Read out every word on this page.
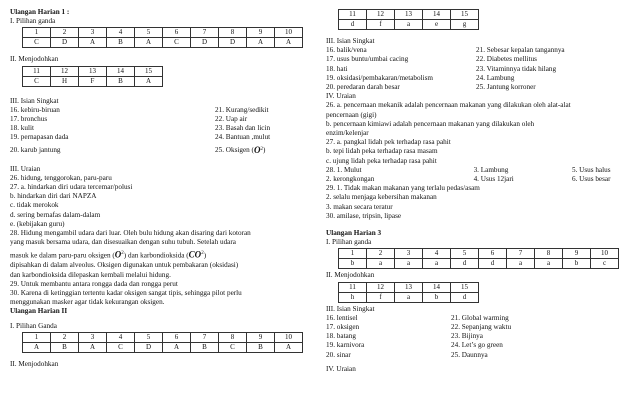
Ulangan Harian 1 :
I. Pilihan ganda
1	2	3	4	5	6	7	8	9	10
C	D	A	B	A	C	D	D	A	A
II. Menjodohkan
11	12	13	14	15
C	H	F	B	A
III. Isian Singkat
16. kebiru-biruan	21. Kurang/sedikit
17. bronchus	22. Uap air
18. kulit	23. Basah dan licin
19. pernapasan dada	24. Bantuan ,mulut
20. karub jantung	25. Oksigen ( O 2 )
III. Uraian
26. hidung, tenggorokan, paru-paru
27. a. hindarkan diri udara tercemar/polusi
b. hindarkan diri dari NAPZA
c. tidak merokok
d. sering bernafas dalam-dalam
e. (kebijakan guru)
28. Hidung mengambil udara dari luar. Oleh bulu hidung akan disaring dari kotoran
yang masuk bersama udara, dan disesuaikan dengan suhu tubuh. Setelah udara
masuk ke dalam paru-paru oksigen $(O^2)$ dan karbondioksida $(CO^2)$
dipisahkan di dalam alveolus. Oksigen digunakan untuk pembakaran (oksidasi)
dan karbondioksida dilepaskan kembali melalui hidung.
29. Untuk membantu antara rongga dada dan rongga perut
30. Karena di ketinggian tertentu kadar oksigen sangat tipis, sehingga pilot perlu
menggunakan masker agar tidak kekurangan oksigen.
Ulangan Harian II
I. Pilihan Ganda
1	2	3	4	5	6	7	8	9	10
A	B	A	C	D	A	B	C	B	A
II. Menjodohkan
11	12	13	14	15
d	f	a	e	g
III. Isian Singkat
16. balik/vena	21. Sebesar kepalan tangannya
17. usus buntu/umbai cacing	22. Diabetes mellitus
18. hati	23. Vitaminnya tidak hilang
19. oksidasi/pembakaran/metabolism	24. Lambung
20. peredaran darah besar	25. Jantung korroner
IV. Uraian
26. a. pencernaan mekanik adalah pencernaan makanan yang dilakukan oleh alat-alat
pencernaan (gigi)
b. pencernaan kimiawi adalah pencernaan makanan yang dilakukan oleh
enzim/kelenjar
27. a. pangkal lidah pek terhadap rasa pahit
b. tepi lidah peka terhadap rasa masam
c. ujung lidah peka terhadap rasa pahit
28. 1. Mulut	3. Lambung	5. Usus halus
2. kerongkongan	4. Usus 12jari	6. Usus besar
29. 1. Tidak makan makanan yang terlalu pedas/asam
2. selalu menjaga kebersihan makanan
3. makan secara teratur
30. amilase, tripsin, lipase
Ulangan Harian 3
I. Pilihan ganda
1	2	3	4	5	6	7	8	9	10
b	a	a	a	d	d	a	a	b	c
II. Menjodohkan
11	12	13	14	15
h	f	a	b	d
III. Isian Singkat
16. lentisel	21. Global warming
17. oksigen	22. Sepanjang waktu
18. batang	23. Bijinya
19. karnivora	24. Let’s go green
20. sinar	25. Daunnya
IV. Uraian
